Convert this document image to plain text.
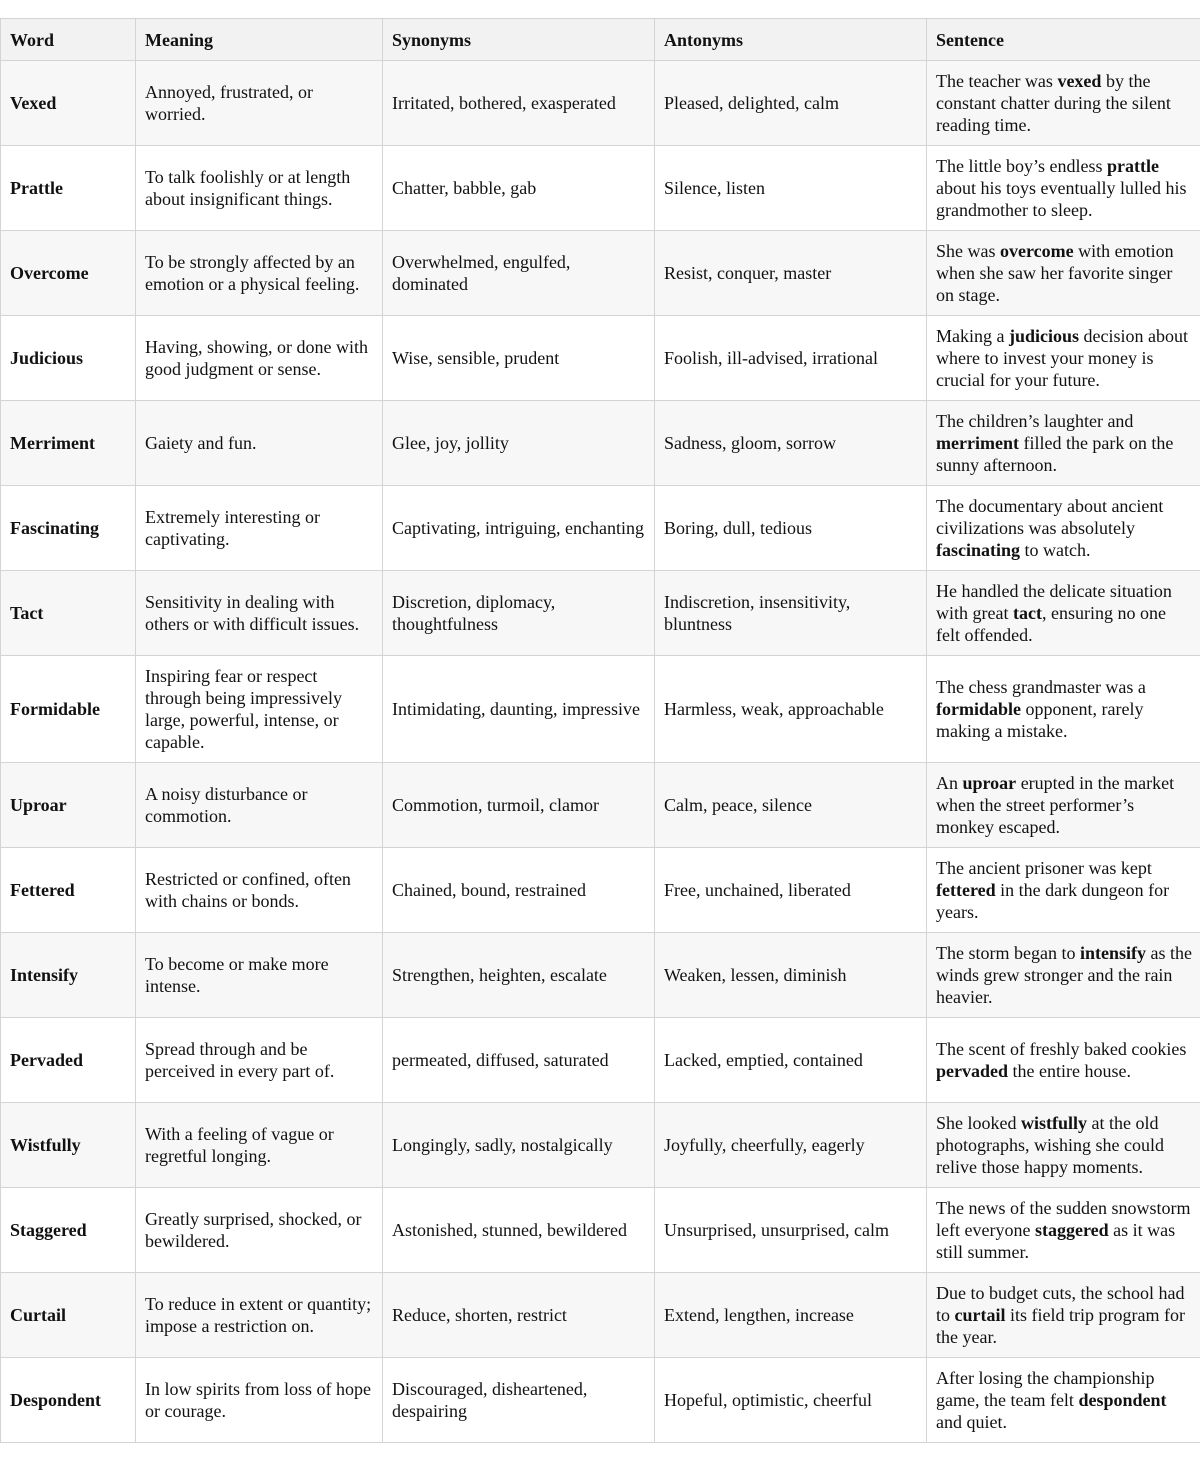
Word	Meaning	Synonyms	Antonyms	Sentence
Vexed	Annoyed, frustrated, or worried.	Irritated, bothered, exasperated	Pleased, delighted, calm	The teacher was vexed by the constant chatter during the silent reading time.
Prattle	To talk foolishly or at length about insignificant things.	Chatter, babble, gab	Silence, listen	The little boy’s endless prattle about his toys eventually lulled his grandmother to sleep.
Overcome	To be strongly affected by an emotion or a physical feeling.	Overwhelmed, engulfed, dominated	Resist, conquer, master	She was overcome with emotion when she saw her favorite singer on stage.
Judicious	Having, showing, or done with good judgment or sense.	Wise, sensible, prudent	Foolish, ill-advised, irrational	Making a judicious decision about where to invest your money is crucial for your future.
Merriment	Gaiety and fun.	Glee, joy, jollity	Sadness, gloom, sorrow	The children’s laughter and merriment filled the park on the sunny afternoon.
Fascinating	Extremely interesting or captivating.	Captivating, intriguing, enchanting	Boring, dull, tedious	The documentary about ancient civilizations was absolutely fascinating to watch.
Tact	Sensitivity in dealing with others or with difficult issues.	Discretion, diplomacy, thoughtfulness	Indiscretion, insensitivity, bluntness	He handled the delicate situation with great tact, ensuring no one felt offended.
Formidable	Inspiring fear or respect through being impressively large, powerful, intense, or capable.	Intimidating, daunting, impressive	Harmless, weak, approachable	The chess grandmaster was a formidable opponent, rarely making a mistake.
Uproar	A noisy disturbance or commotion.	Commotion, turmoil, clamor	Calm, peace, silence	An uproar erupted in the market when the street performer’s monkey escaped.
Fettered	Restricted or confined, often with chains or bonds.	Chained, bound, restrained	Free, unchained, liberated	The ancient prisoner was kept fettered in the dark dungeon for years.
Intensify	To become or make more intense.	Strengthen, heighten, escalate	Weaken, lessen, diminish	The storm began to intensify as the winds grew stronger and the rain heavier.
Pervaded	Spread through and be perceived in every part of.	permeated, diffused, saturated	Lacked, emptied, contained	The scent of freshly baked cookies pervaded the entire house.
Wistfully	With a feeling of vague or regretful longing.	Longingly, sadly, nostalgically	Joyfully, cheerfully, eagerly	She looked wistfully at the old photographs, wishing she could relive those happy moments.
Staggered	Greatly surprised, shocked, or bewildered.	Astonished, stunned, bewildered	Unsurprised, unsurprised, calm	The news of the sudden snowstorm left everyone staggered as it was still summer.
Curtail	To reduce in extent or quantity; impose a restriction on.	Reduce, shorten, restrict	Extend, lengthen, increase	Due to budget cuts, the school had to curtail its field trip program for the year.
Despondent	In low spirits from loss of hope or courage.	Discouraged, disheartened, despairing	Hopeful, optimistic, cheerful	After losing the championship game, the team felt despondent and quiet.
